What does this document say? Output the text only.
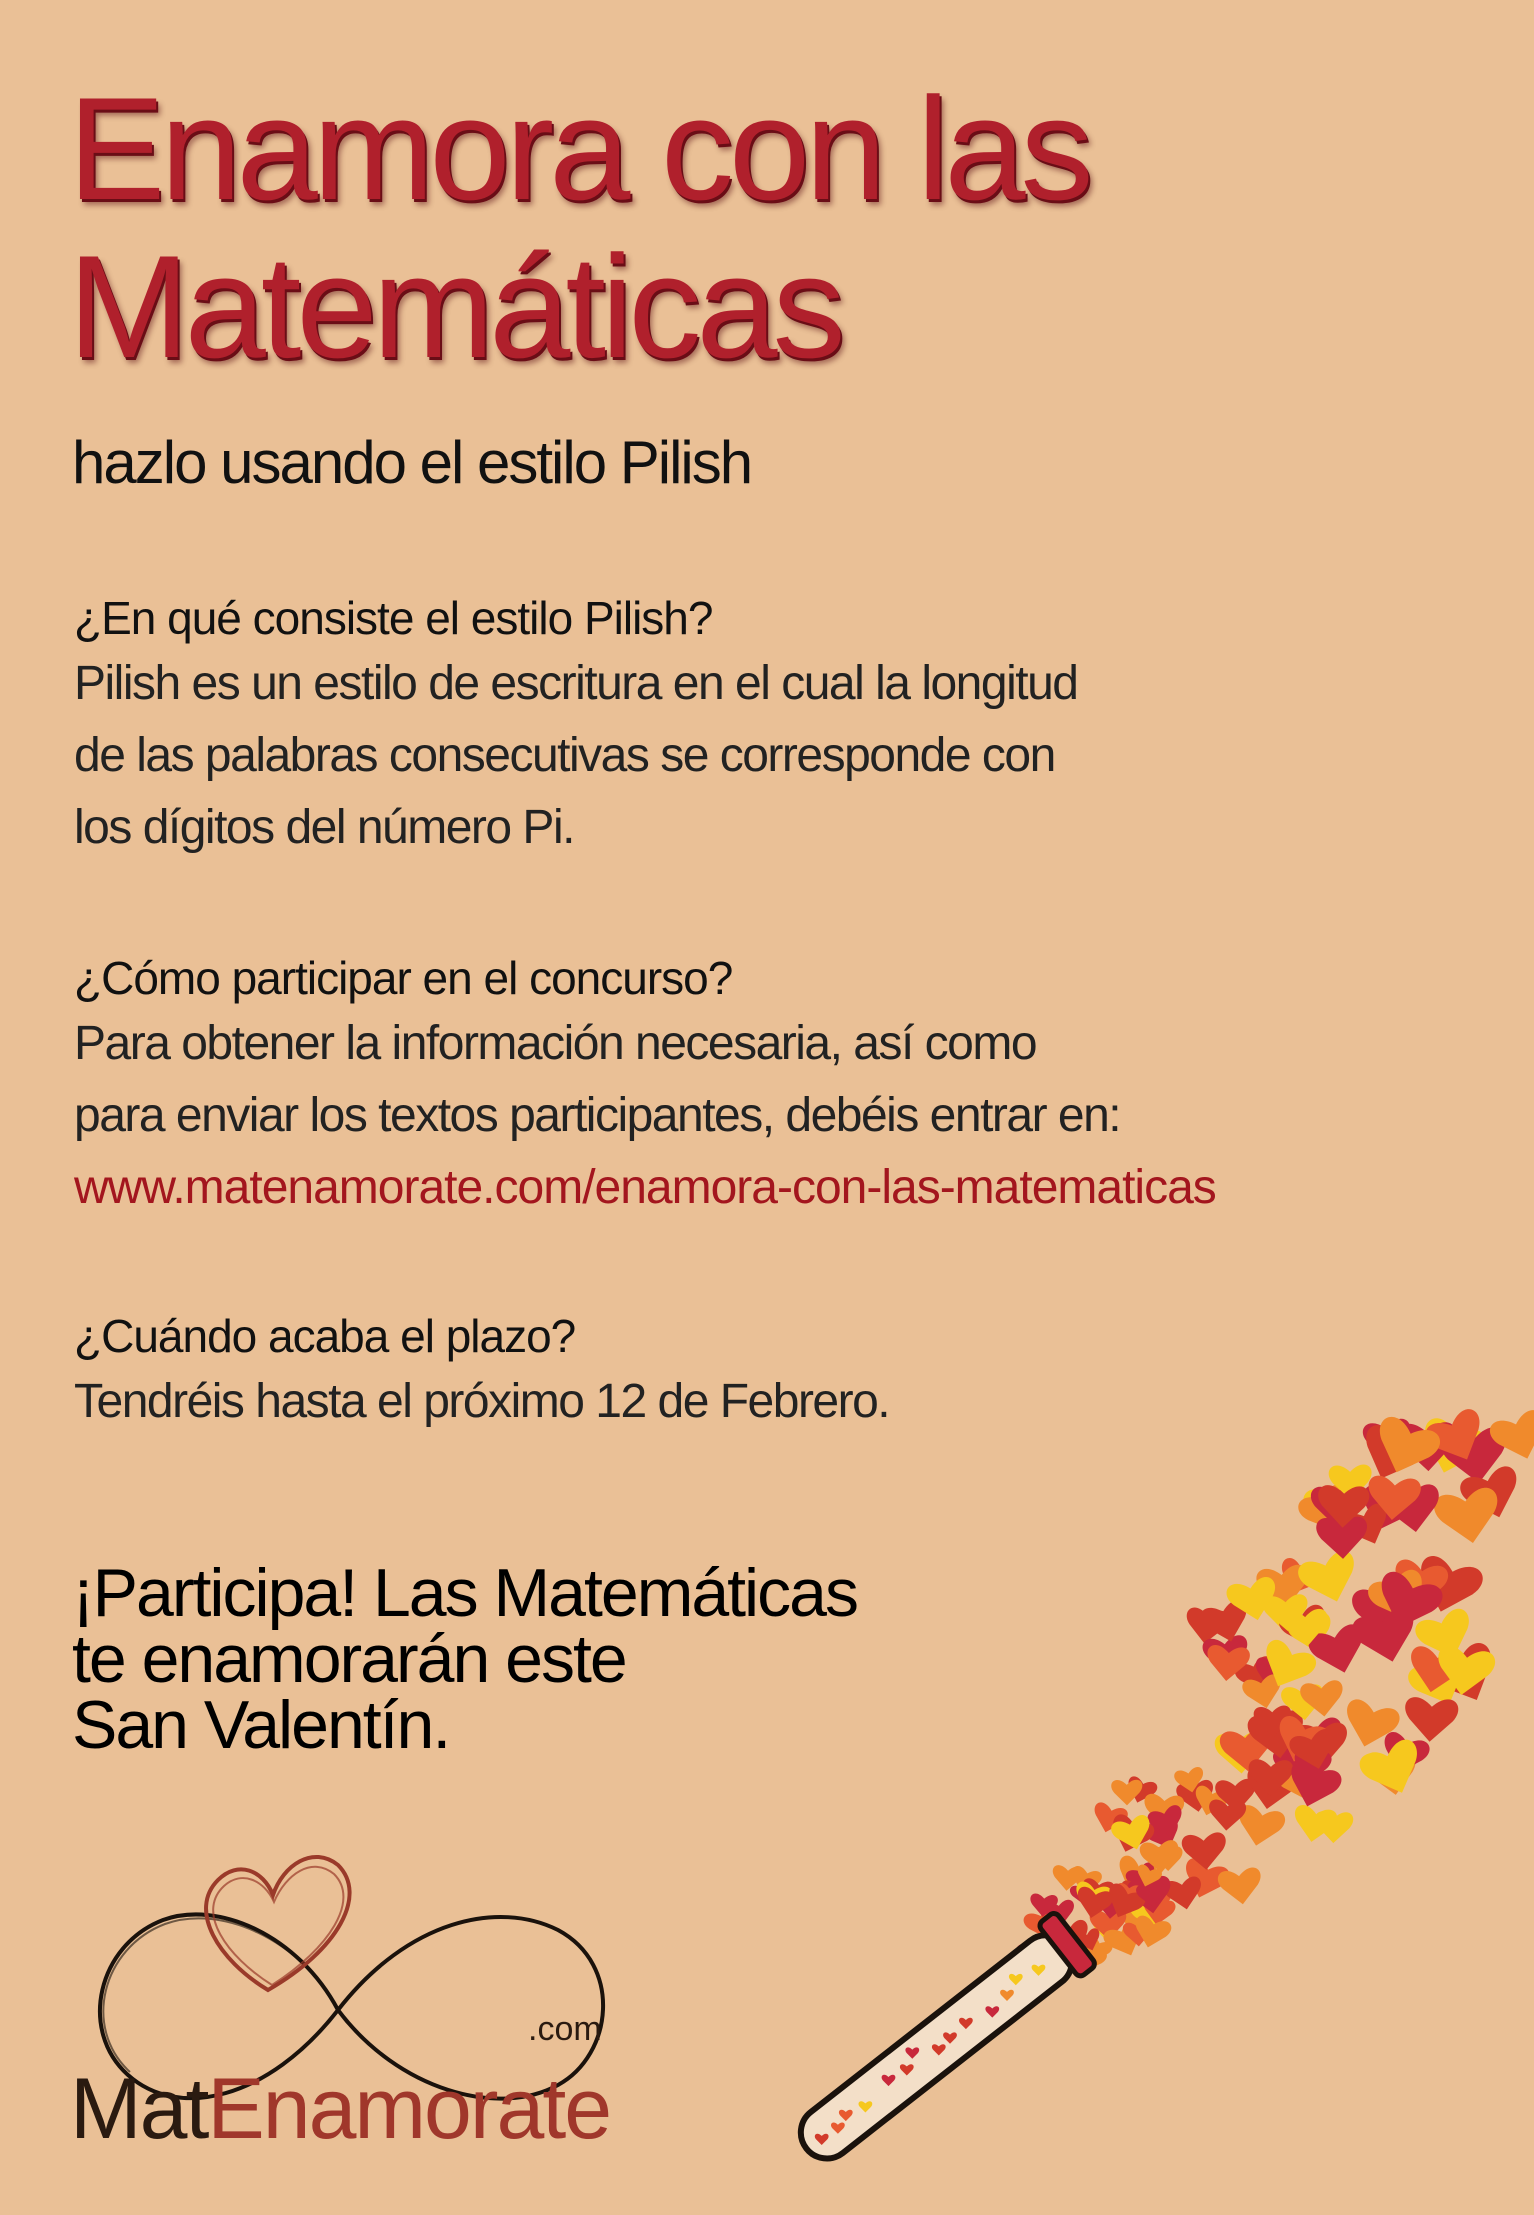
Enamora con las
Matemáticas
hazlo usando el estilo Pilish

¿En qué consiste el estilo Pilish?

Pilish es un estilo de escritura en el cual la longitud
de las palabras consecutivas se corresponde con
los dígitos del número Pi.

¿Cómo participar en el concurso?

Para obtener la información necesaria, así como
para enviar los textos participantes, debéis entrar en:

www.matenamorate.com/enamora-con-las-matematicas

¿Cuándo acaba el plazo?

Tendréis hasta el próximo 12 de Febrero.

¡Participa! Las Matemáticas
te enamorarán este
San Valentín.

.com

MatEnamorate
